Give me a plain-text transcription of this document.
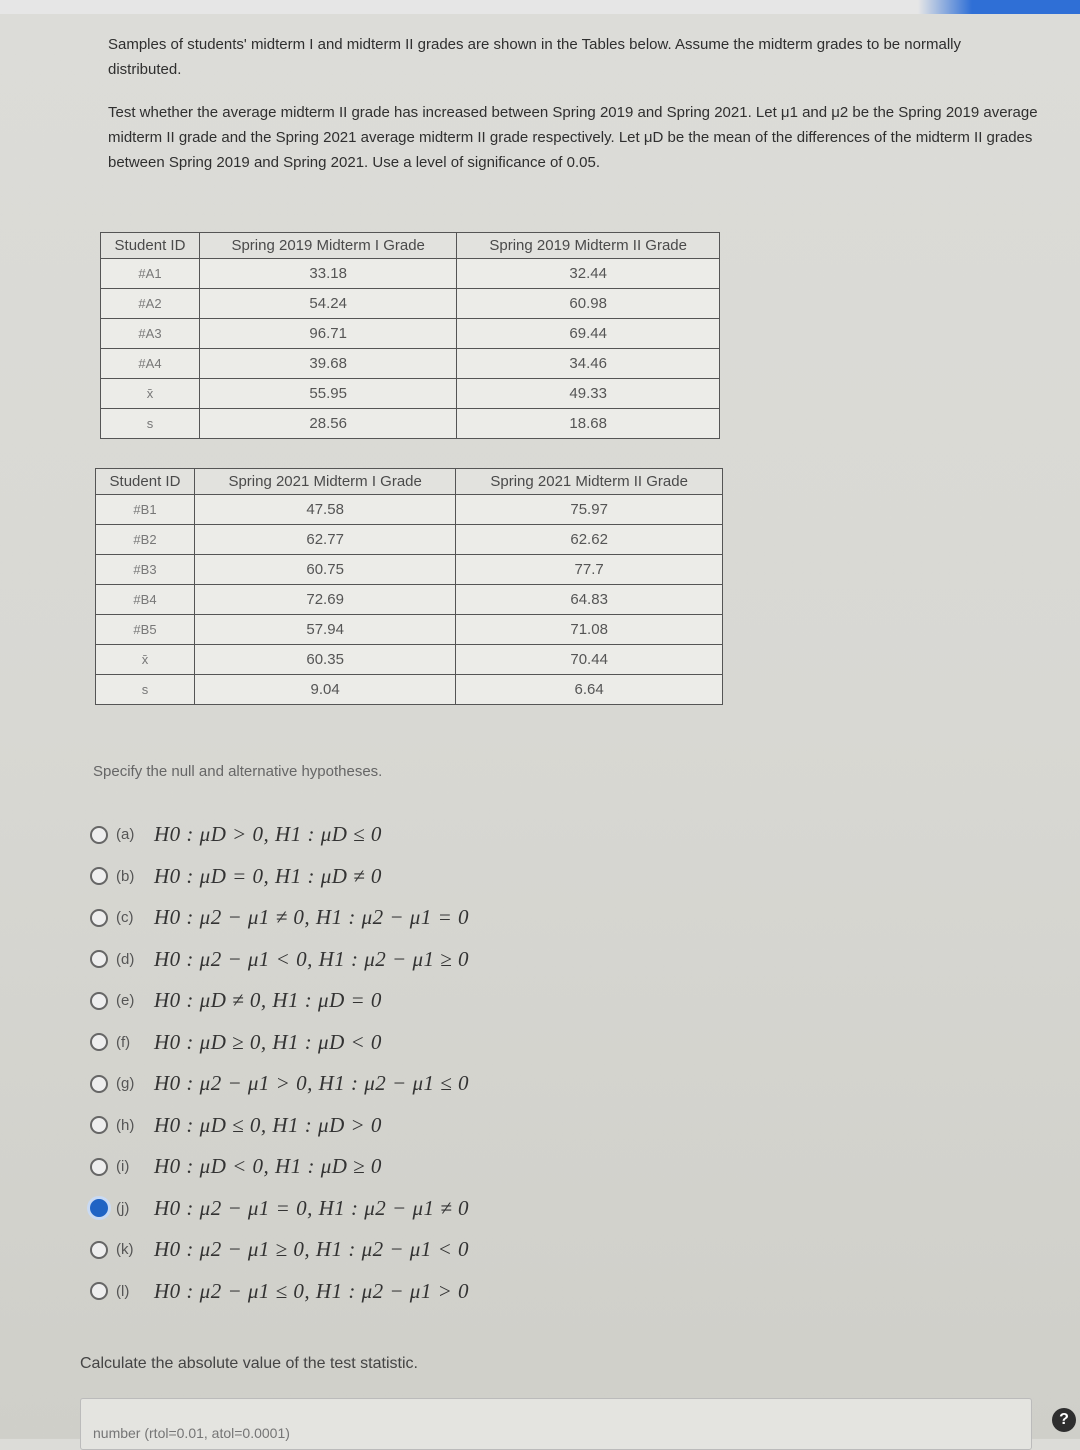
Samples of students' midterm I and midterm II grades are shown in the Tables below. Assume the midterm grades to be normally distributed.

Test whether the average midterm II grade has increased between Spring 2019 and Spring 2021. Let μ1 and μ2 be the Spring 2019 average midterm II grade and the Spring 2021 average midterm II grade respectively. Let μD be the mean of the differences of the midterm II grades between Spring 2019 and Spring 2021. Use a level of significance of 0.05.

Student ID	Spring 2019 Midterm I Grade	Spring 2019 Midterm II Grade
#A1	33.18	32.44
#A2	54.24	60.98
#A3	96.71	69.44
#A4	39.68	34.46
x̄	55.95	49.33
s	28.56	18.68
Student ID	Spring 2021 Midterm I Grade	Spring 2021 Midterm II Grade
#B1	47.58	75.97
#B2	62.77	62.62
#B3	60.75	77.7
#B4	72.69	64.83
#B5	57.94	71.08
x̄	60.35	70.44
s	9.04	6.64
Specify the null and alternative hypotheses.
(a) H0 : μD > 0, H1 : μD ≤ 0
(b) H0 : μD = 0, H1 : μD ≠ 0
(c) H0 : μ2 − μ1 ≠ 0, H1 : μ2 − μ1 = 0
(d) H0 : μ2 − μ1 < 0, H1 : μ2 − μ1 ≥ 0
(e) H0 : μD ≠ 0, H1 : μD = 0
(f)	H0 : μD ≥ 0, H1 : μD < 0
(g) H0 : μ2 − μ1 > 0, H1 : μ2 − μ1 ≤ 0
(h) H0 : μD ≤ 0, H1 : μD > 0
(i)	H0 : μD < 0, H1 : μD ≥ 0
(j)	H0 : μ2 − μ1 = 0, H1 : μ2 − μ1 ≠ 0
(k) H0 : μ2 − μ1 ≥ 0, H1 : μ2 − μ1 < 0
(l)	H0 : μ2 − μ1 ≤ 0, H1 : μ2 − μ1 > 0
Calculate the absolute value of the test statistic.
number (rtol=0.01, atol=0.0001)
?
